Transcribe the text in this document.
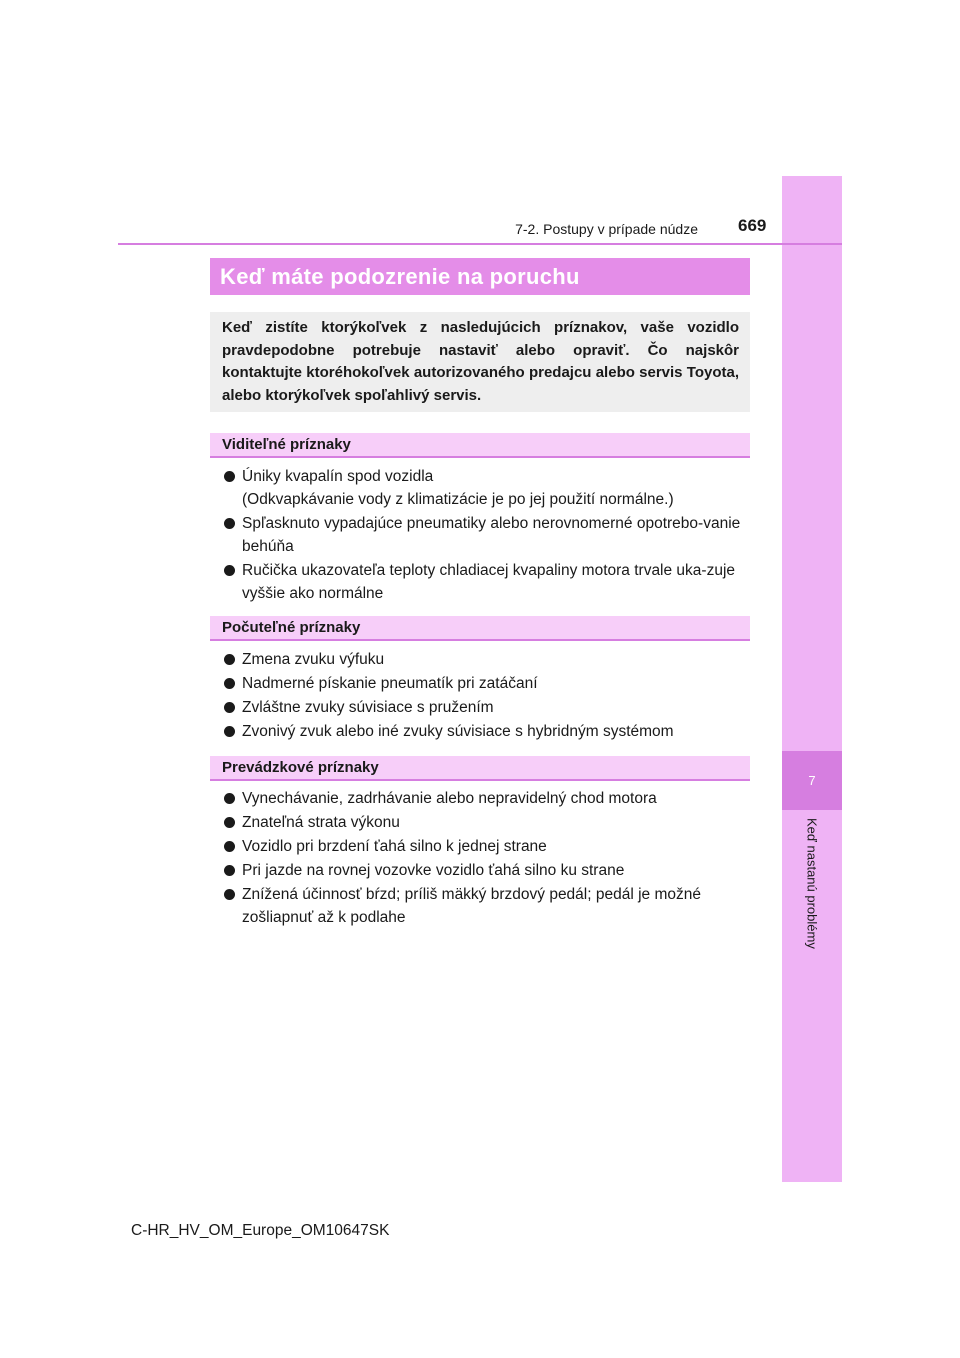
7
Keď nastanú problémy
7-2. Postupy v prípade núdze 669
Keď máte podozrenie na poruchu

Keď zistíte ktorýkoľvek z nasledujúcich príznakov, vaše vozidlo pravdepodobne potrebuje nastaviť alebo opraviť. Čo najskôr kontaktujte ktoréhokoľvek autorizovaného predajcu alebo servis Toyota, alebo ktorýkoľvek spoľahlivý servis.

Viditeľné príznaky
Úniky kvapalín spod vozidla
(Odkvapkávanie vody z klimatizácie je po jej použití normálne.)
Spľasknuto vypadajúce pneumatiky alebo nerovnomerné opotrebo-vanie behúňa
Ručička ukazovateľa teploty chladiacej kvapaliny motora trvale uka-zuje vyššie ako normálne
Počuteľné príznaky
Zmena zvuku výfuku
Nadmerné pískanie pneumatík pri zatáčaní
Zvláštne zvuky súvisiace s pružením
Zvonivý zvuk alebo iné zvuky súvisiace s hybridným systémom
Prevádzkové príznaky
Vynechávanie, zadrhávanie alebo nepravidelný chod motora
Znateľná strata výkonu
Vozidlo pri brzdení ťahá silno k jednej strane
Pri jazde na rovnej vozovke vozidlo ťahá silno ku strane
Znížená účinnosť bŕzd; príliš mäkký brzdový pedál; pedál je možné zošliapnuť až k podlahe
C-HR_HV_OM_Europe_OM10647SK
